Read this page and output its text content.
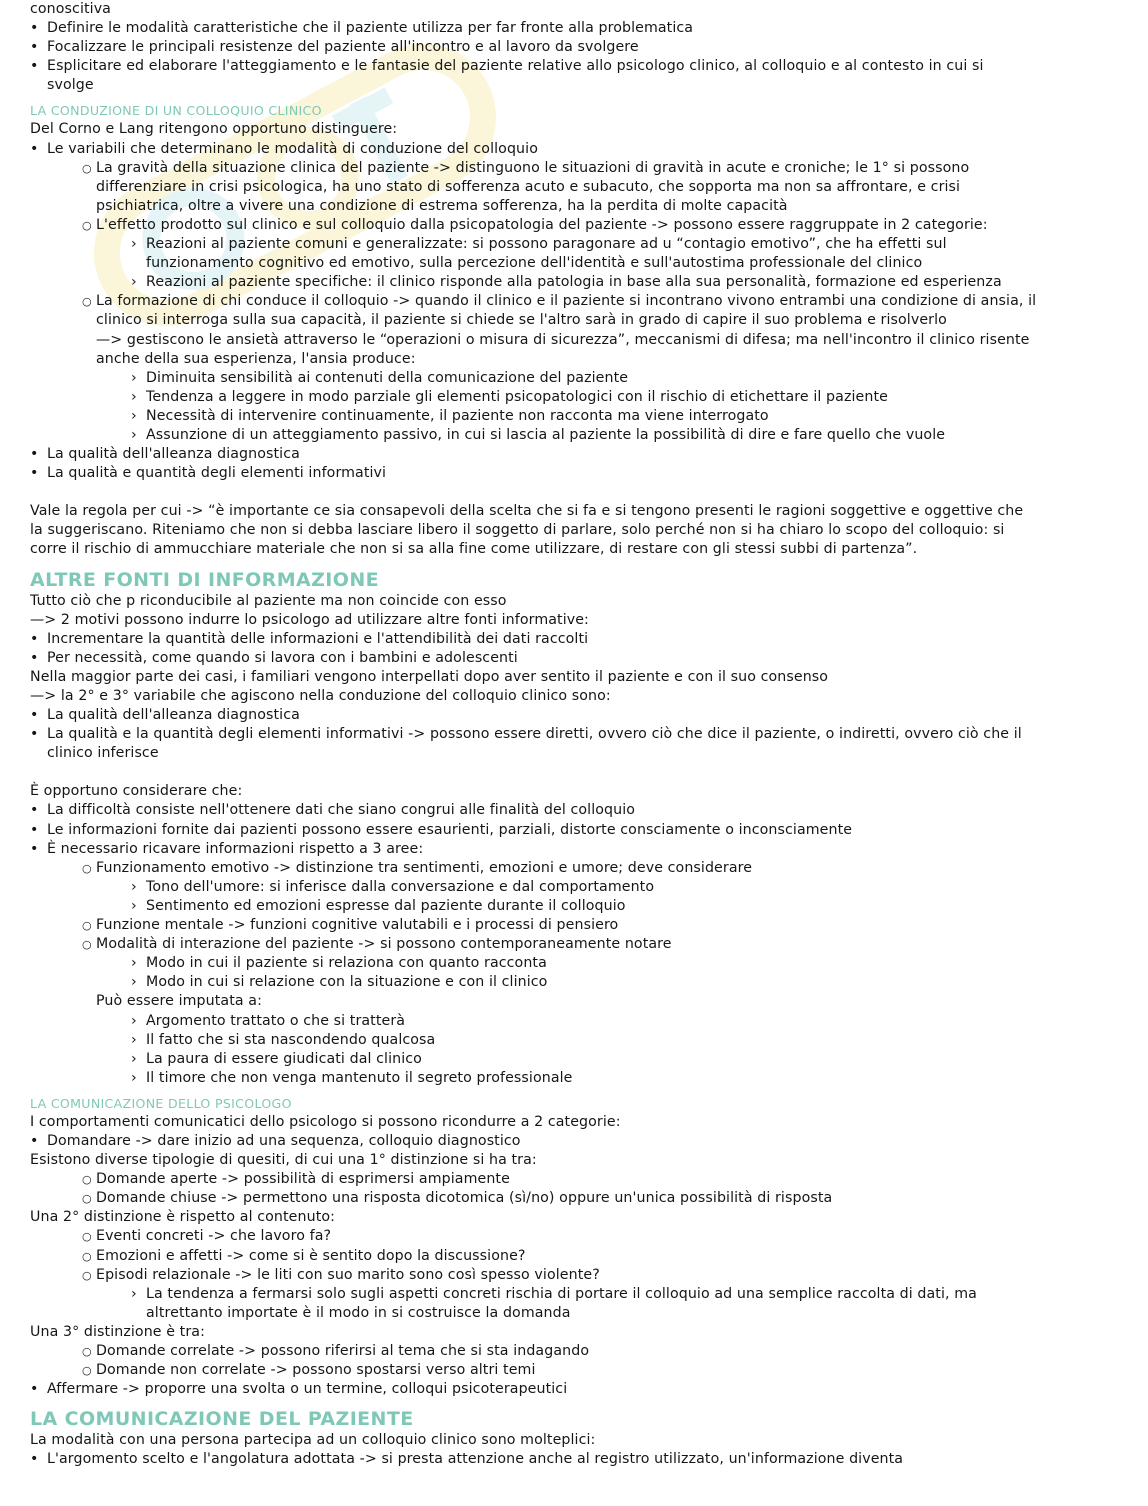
conoscitiva
• Definire le modalità caratteristiche che il paziente utilizza per far fronte alla problematica
• Focalizzare le principali resistenze del paziente all'incontro e al lavoro da svolgere
• Esplicitare ed elaborare l'atteggiamento e le fantasie del paziente relative allo psicologo clinico, al colloquio e al contesto in cui si
svolge
LA CONDUZIONE DI UN COLLOQUIO CLINICO
Del Corno e Lang ritengono opportuno distinguere:
• Le variabili che determinano le modalità di conduzione del colloquio
○ La gravità della situazione clinica del paziente -> distinguono le situazioni di gravità in acute e croniche; le 1° si possono
differenziare in crisi psicologica, ha uno stato di sofferenza acuto e subacuto, che sopporta ma non sa affrontare, e crisi
psichiatrica, oltre a vivere una condizione di estrema sofferenza, ha la perdita di molte capacità
○ L'effetto prodotto sul clinico e sul colloquio dalla psicopatologia del paziente -> possono essere raggruppate in 2 categorie:
› Reazioni al paziente comuni e generalizzate: si possono paragonare ad u “contagio emotivo”, che ha effetti sul
funzionamento cognitivo ed emotivo, sulla percezione dell'identità e sull'autostima professionale del clinico
› Reazioni al paziente specifiche: il clinico risponde alla patologia in base alla sua personalità, formazione ed esperienza
○ La formazione di chi conduce il colloquio -> quando il clinico e il paziente si incontrano vivono entrambi una condizione di ansia, il
clinico si interroga sulla sua capacità, il paziente si chiede se l'altro sarà in grado di capire il suo problema e risolverlo
—> gestiscono le ansietà attraverso le “operazioni o misura di sicurezza”, meccanismi di difesa; ma nell'incontro il clinico risente
anche della sua esperienza, l'ansia produce:
› Diminuita sensibilità ai contenuti della comunicazione del paziente
› Tendenza a leggere in modo parziale gli elementi psicopatologici con il rischio di etichettare il paziente
› Necessità di intervenire continuamente, il paziente non racconta ma viene interrogato
› Assunzione di un atteggiamento passivo, in cui si lascia al paziente la possibilità di dire e fare quello che vuole
• La qualità dell'alleanza diagnostica
• La qualità e quantità degli elementi informativi
Vale la regola per cui -> “è importante ce sia consapevoli della scelta che si fa e si tengono presenti le ragioni soggettive e oggettive che
la suggeriscano. Riteniamo che non si debba lasciare libero il soggetto di parlare, solo perché non si ha chiaro lo scopo del colloquio: si
corre il rischio di ammucchiare materiale che non si sa alla fine come utilizzare, di restare con gli stessi subbi di partenza”.
ALTRE FONTI DI INFORMAZIONE
Tutto ciò che p riconducibile al paziente ma non coincide con esso
—> 2 motivi possono indurre lo psicologo ad utilizzare altre fonti informative:
• Incrementare la quantità delle informazioni e l'attendibilità dei dati raccolti
• Per necessità, come quando si lavora con i bambini e adolescenti
Nella maggior parte dei casi, i familiari vengono interpellati dopo aver sentito il paziente e con il suo consenso
—> la 2° e 3° variabile che agiscono nella conduzione del colloquio clinico sono:
• La qualità dell'alleanza diagnostica
• La qualità e la quantità degli elementi informativi -> possono essere diretti, ovvero ciò che dice il paziente, o indiretti, ovvero ciò che il
clinico inferisce
È opportuno considerare che:
• La difficoltà consiste nell'ottenere dati che siano congrui alle finalità del colloquio
• Le informazioni fornite dai pazienti possono essere esaurienti, parziali, distorte consciamente o inconsciamente
• È necessario ricavare informazioni rispetto a 3 aree:
○ Funzionamento emotivo -> distinzione tra sentimenti, emozioni e umore; deve considerare
› Tono dell'umore: si inferisce dalla conversazione e dal comportamento
› Sentimento ed emozioni espresse dal paziente durante il colloquio
○ Funzione mentale -> funzioni cognitive valutabili e i processi di pensiero
○ Modalità di interazione del paziente -> si possono contemporaneamente notare
› Modo in cui il paziente si relaziona con quanto racconta
› Modo in cui si relazione con la situazione e con il clinico
Può essere imputata a:
› Argomento trattato o che si tratterà
› Il fatto che si sta nascondendo qualcosa
› La paura di essere giudicati dal clinico
› Il timore che non venga mantenuto il segreto professionale
LA COMUNICAZIONE DELLO PSICOLOGO
I comportamenti comunicatici dello psicologo si possono ricondurre a 2 categorie:
• Domandare -> dare inizio ad una sequenza, colloquio diagnostico
Esistono diverse tipologie di quesiti, di cui una 1° distinzione si ha tra:
○ Domande aperte -> possibilità di esprimersi ampiamente
○ Domande chiuse -> permettono una risposta dicotomica (sì/no) oppure un'unica possibilità di risposta
Una 2° distinzione è rispetto al contenuto:
○ Eventi concreti -> che lavoro fa?
○ Emozioni e affetti -> come si è sentito dopo la discussione?
○ Episodi relazionale -> le liti con suo marito sono così spesso violente?
› La tendenza a fermarsi solo sugli aspetti concreti rischia di portare il colloquio ad una semplice raccolta di dati, ma
altrettanto importate è il modo in si costruisce la domanda
Una 3° distinzione è tra:
○ Domande correlate -> possono riferirsi al tema che si sta indagando
○ Domande non correlate -> possono spostarsi verso altri temi
• Affermare -> proporre una svolta o un termine, colloqui psicoterapeutici
LA COMUNICAZIONE DEL PAZIENTE
La modalità con una persona partecipa ad un colloquio clinico sono molteplici:
• L'argomento scelto e l'angolatura adottata -> si presta attenzione anche al registro utilizzato, un'informazione diventa
